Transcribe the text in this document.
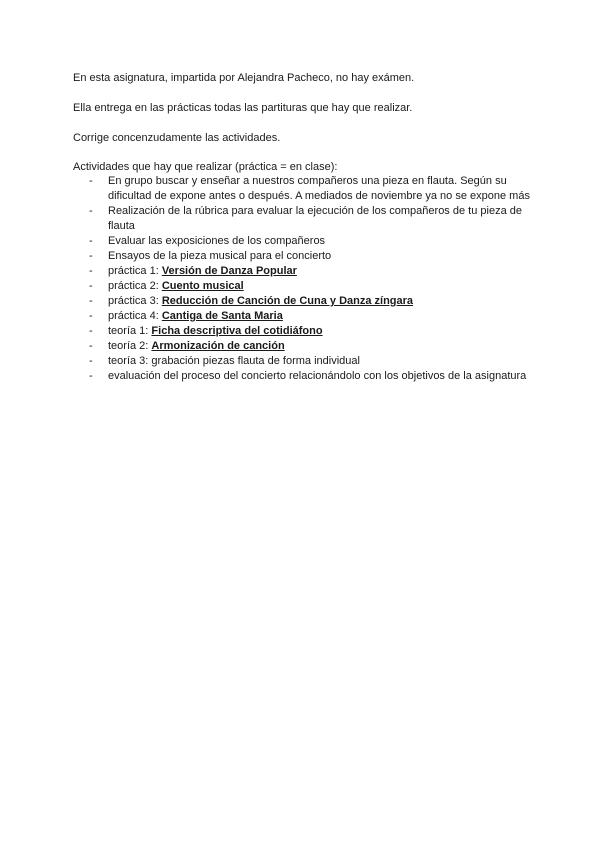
En esta asignatura, impartida por Alejandra Pacheco, no hay exámen.

Ella entrega en las prácticas todas las partituras que hay que realizar.

Corrige concenzudamente las actividades.

Actividades que hay que realizar (práctica = en clase):

- En grupo buscar y enseñar a nuestros compañeros una pieza en flauta. Según su dificultad de expone antes o después. A mediados de noviembre ya no se expone más
- Realización de la rúbrica para evaluar la ejecución de los compañeros de tu pieza de flauta
- Evaluar las exposiciones de los compañeros
- Ensayos de la pieza musical para el concierto
- práctica 1: Versión de Danza Popular
- práctica 2: Cuento musical
- práctica 3: Reducción de Canción de Cuna y Danza zíngara
- práctica 4: Cantiga de Santa Maria
- teoría 1: Ficha descriptiva del cotidiáfono
- teoría 2: Armonización de canción
- teoría 3: grabación piezas flauta de forma individual
- evaluación del proceso del concierto relacionándolo con los objetivos de la asignatura
